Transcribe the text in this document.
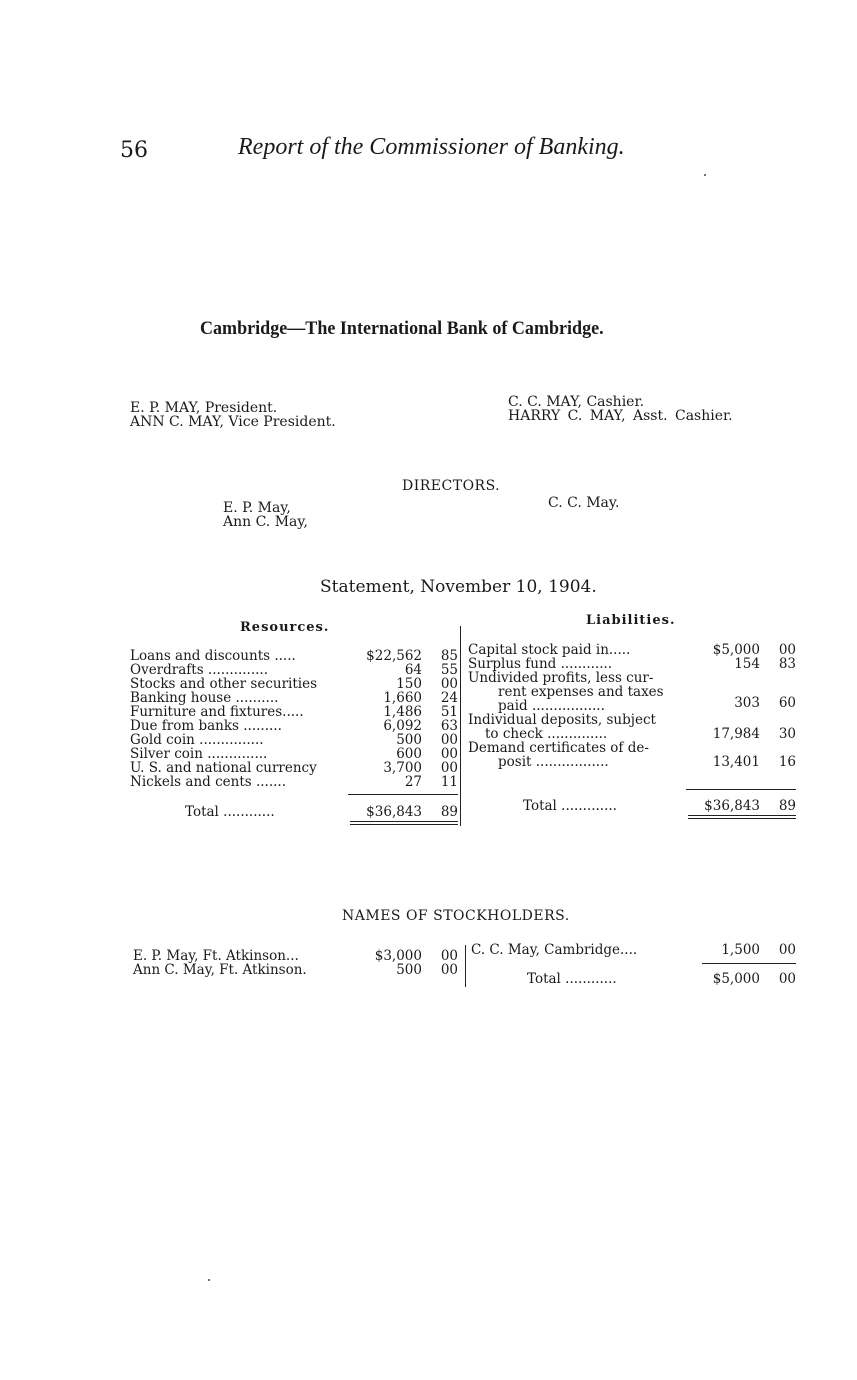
56	Report of the Commissioner of Banking.
Cambridge—The International Bank of Cambridge.
E. P. MAY, President.
ANN C. MAY, Vice President.
C. C. MAY, Cashier.
HARRY C. MAY, Asst. Cashier.
DIRECTORS.
E. P. May,
Ann C. May,
C. C. May.
Statement, November 10, 1904.
Resources.
Loans and discounts .....	$22,562 85
Overdrafts ..............	64 55
Stocks and other securities	150 00
Banking house ..........	1,660 24
Furniture and fixtures.....	1,486 51
Due from banks .........	6,092 63
Gold coin ...............	500 00
Silver coin ..............	600 00
U. S. and national currency	3,700 00
Nickels and cents .......	27 11
Total ............	$36,843 89
Liabilities.
Capital stock paid in.....	$5,000 00
Surplus fund ............	154 83
Undivided profits, less cur-
rent expenses and taxes
paid .................	303 60
Individual deposits, subject
to check ..............	17,984 30
Demand certificates of de-
posit .................	13,401 16
Total .............	$36,843 89
NAMES OF STOCKHOLDERS.
E. P. May, Ft. Atkinson...	$3,000 00
Ann C. May, Ft. Atkinson.	500 00
C. C. May, Cambridge....	1,500 00
Total ............	$5,000 00
